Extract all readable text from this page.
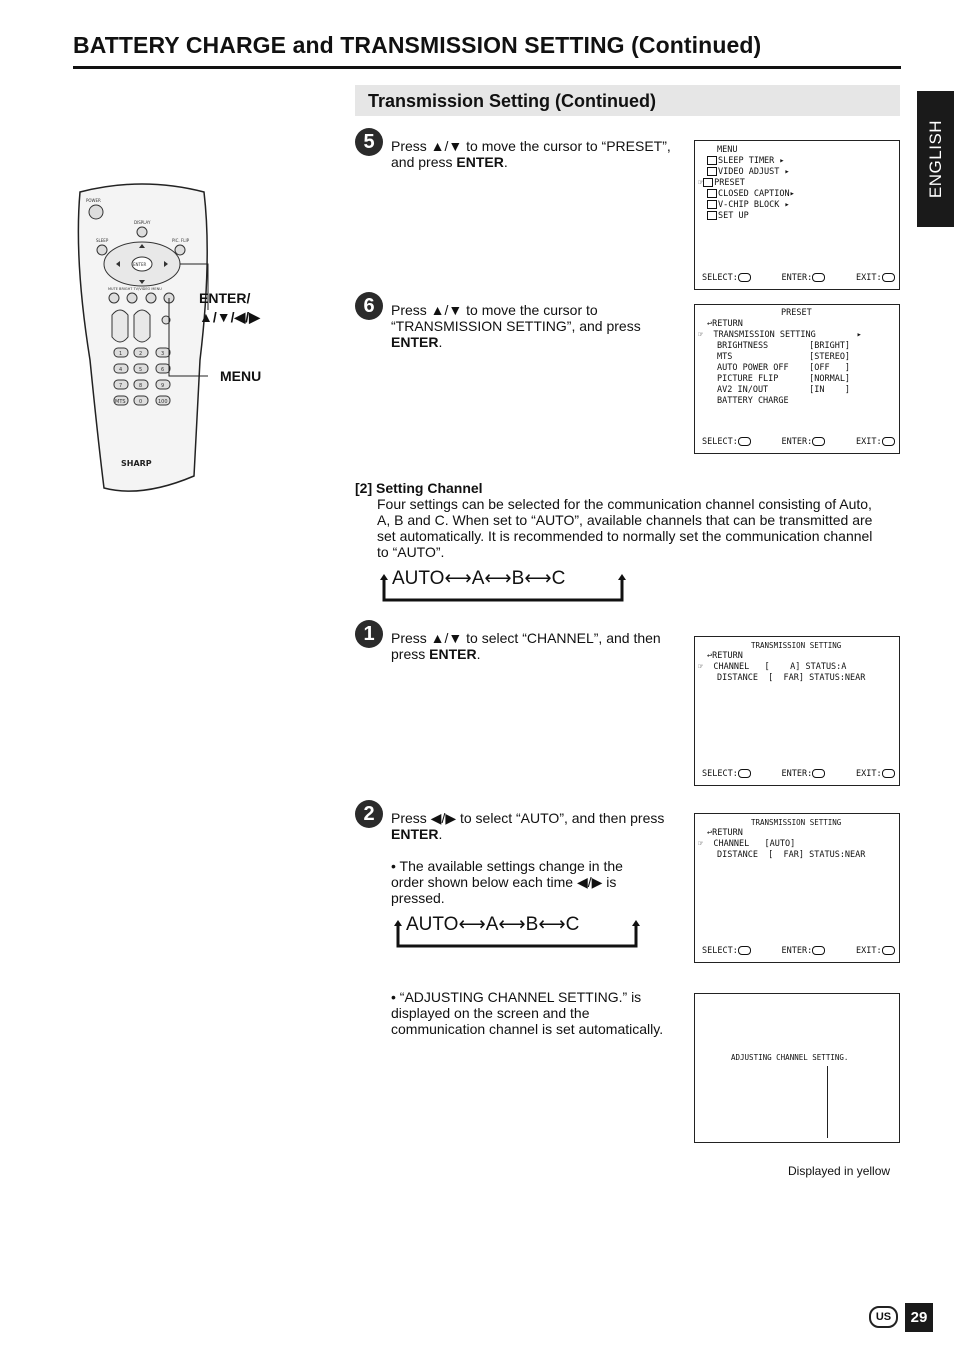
BATTERY CHARGE and TRANSMISSION SETTING (Continued)
Transmission Setting (Continued)
ENGLISH
POWER
DISPLAY
SLEEP	PIC. FLIP
ENTER
MUTE BRIGHT TV/VIDEO MENU
1	2	3
4	5	6
7	8	9
MTS	0	100
SHARP
ENTER/
▲/▼/◀/▶
MENU
5	Press ▲/▼ to move the cursor to “PRESET”, and press ENTER.
MENU
SLEEP TIMER ▸
VIDEO ADJUST ▸
☞ PRESET
CLOSED CAPTION▸
V-CHIP BLOCK ▸
SET UP
SELECT:	ENTER:	EXIT:
6	Press ▲/▼ to move the cursor to “TRANSMISSION SETTING”, and press ENTER.
PRESET
↩RETURN
☞  TRANSMISSION SETTING        ▸
BRIGHTNESS        [BRIGHT]
MTS               [STEREO]
AUTO POWER OFF    [OFF   ]
PICTURE FLIP      [NORMAL]
AV2 IN/OUT        [IN    ]
BATTERY CHARGE
SELECT:	ENTER:	EXIT:
[2] Setting Channel
Four settings can be selected for the communication channel consisting of Auto, A, B and C. When set to “AUTO”, available channels that can be transmitted are set automatically. It is recommended to normally set the communication channel to “AUTO”.
AUTO⟷A⟷B⟷C
1	Press ▲/▼ to select “CHANNEL”, and then press ENTER.
TRANSMISSION SETTING
↩RETURN
☞  CHANNEL   [    A] STATUS:A
DISTANCE  [  FAR] STATUS:NEAR
SELECT:	ENTER:	EXIT:
2	Press ◀/▶ to select “AUTO”, and then press ENTER.
• The available settings change in the order shown below each time ◀/▶ is pressed.
AUTO⟷A⟷B⟷C
TRANSMISSION SETTING
↩RETURN
☞  CHANNEL   [AUTO]
DISTANCE  [  FAR] STATUS:NEAR
SELECT:	ENTER:	EXIT:
• “ADJUSTING CHANNEL SETTING.” is displayed on the screen and the communication channel is set automatically.
ADJUSTING CHANNEL SETTING.
Displayed in yellow
US	29
